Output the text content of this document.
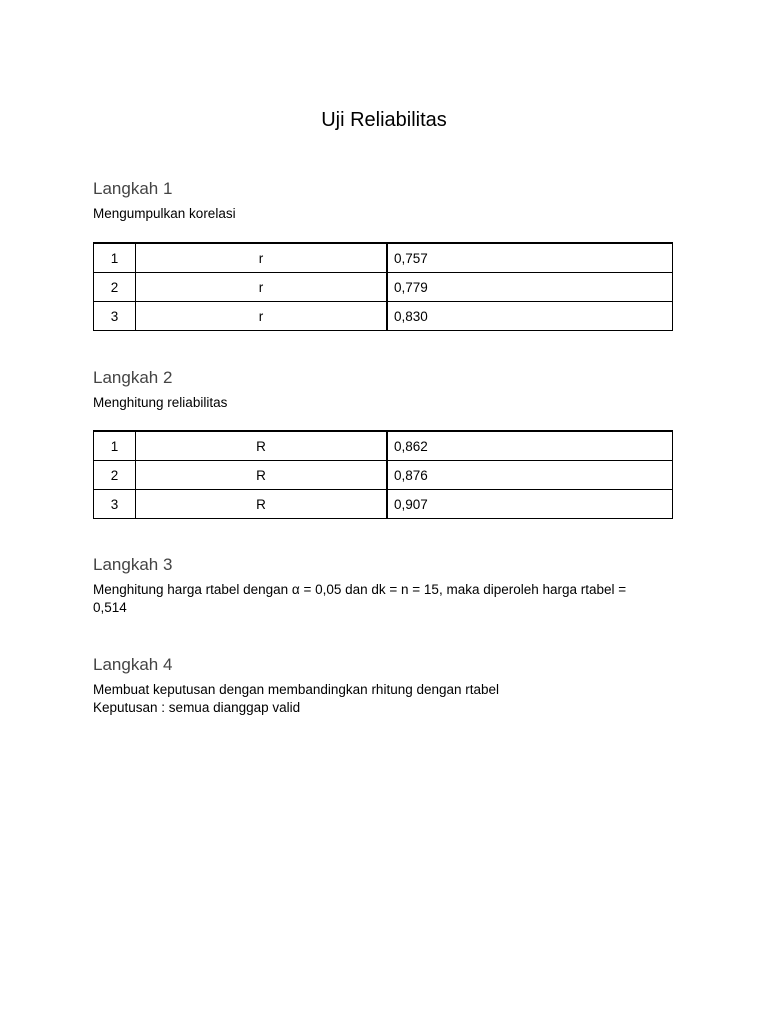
Uji Reliabilitas
Langkah 1
Mengumpulkan korelasi
1	r	0,757
2	r	0,779
3	r	0,830
Langkah 2
Menghitung reliabilitas
1	R	0,862
2	R	0,876
3	R	0,907
Langkah 3
Menghitung harga rtabel dengan α = 0,05 dan dk = n = 15, maka diperoleh harga rtabel = 0,514
Langkah 4
Membuat keputusan dengan membandingkan rhitung dengan rtabel
Keputusan : semua dianggap valid
